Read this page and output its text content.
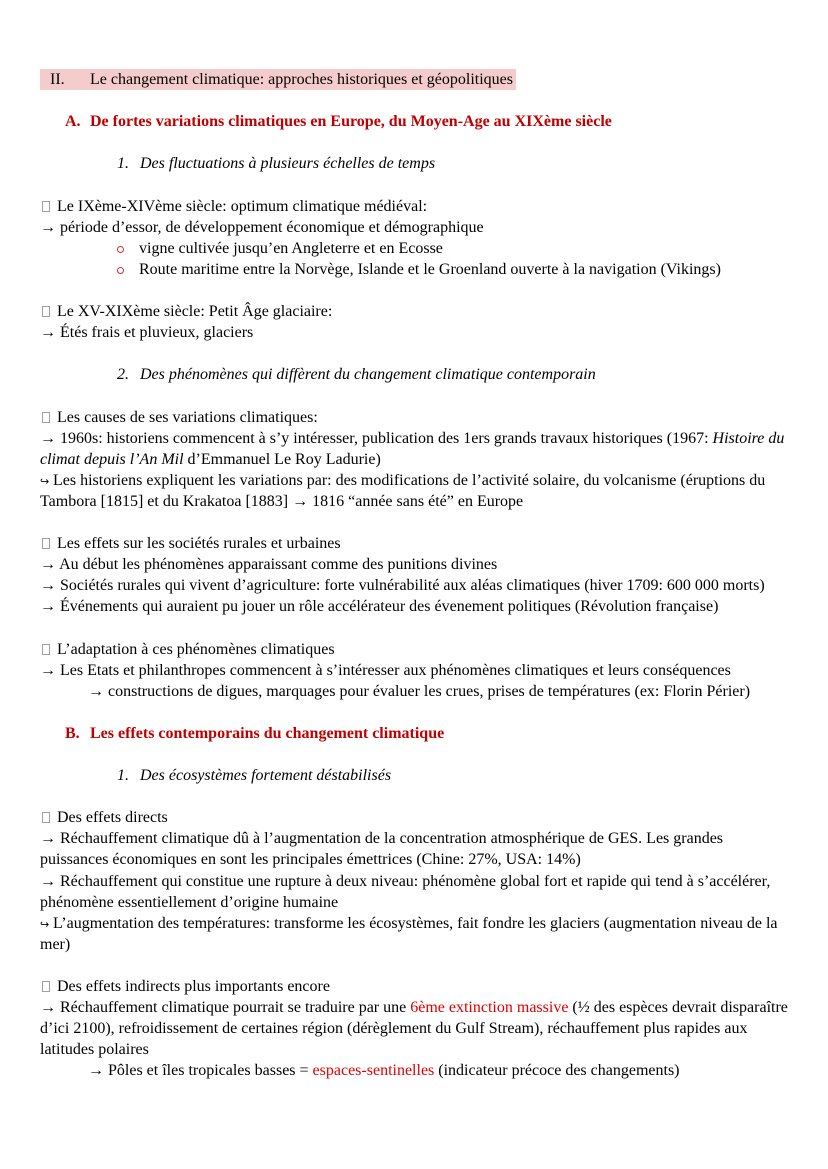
II. Le changement climatique: approches historiques et géopolitiques
A. De fortes variations climatiques en Europe, du Moyen-Age au XIXème siècle
1. Des fluctuations à plusieurs échelles de temps
Le IXème-XIVème siècle: optimum climatique médiéval:
→ période d’essor, de développement économique et démographique
vigne cultivée jusqu’en Angleterre et en Ecosse
Route maritime entre la Norvège, Islande et le Groenland ouverte à la navigation (Vikings)
Le XV-XIXème siècle: Petit Âge glaciaire:
→ Étés frais et pluvieux, glaciers
2. Des phénomènes qui diffèrent du changement climatique contemporain
Les causes de ses variations climatiques:
→ 1960s: historiens commencent à s’y intéresser, publication des 1ers grands travaux historiques (1967: Histoire du
climat depuis l’An Mil d’Emmanuel Le Roy Ladurie)
↪ Les historiens expliquent les variations par: des modifications de l’activité solaire, du volcanisme (éruptions du
Tambora [1815] et du Krakatoa [1883] → 1816 “année sans été” en Europe
Les effets sur les sociétés rurales et urbaines
→ Au début les phénomènes apparaissant comme des punitions divines
→ Sociétés rurales qui vivent d’agriculture: forte vulnérabilité aux aléas climatiques (hiver 1709: 600 000 morts)
→ Événements qui auraient pu jouer un rôle accélérateur des évenement politiques (Révolution française)
L’adaptation à ces phénomènes climatiques
→ Les Etats et philanthropes commencent à s’intéresser aux phénomènes climatiques et leurs conséquences
→ constructions de digues, marquages pour évaluer les crues, prises de températures (ex: Florin Périer)
B. Les effets contemporains du changement climatique
1. Des écosystèmes fortement déstabilisés
Des effets directs
→ Réchauffement climatique dû à l’augmentation de la concentration atmosphérique de GES. Les grandes
puissances économiques en sont les principales émettrices (Chine: 27%, USA: 14%)
→ Réchauffement qui constitue une rupture à deux niveau: phénomène global fort et rapide qui tend à s’accélérer,
phénomène essentiellement d’origine humaine
↪ L’augmentation des températures: transforme les écosystèmes, fait fondre les glaciers (augmentation niveau de la
mer)
Des effets indirects plus importants encore
→ Réchauffement climatique pourrait se traduire par une 6ème extinction massive (½ des espèces devrait disparaître
d’ici 2100), refroidissement de certaines région (dérèglement du Gulf Stream), réchauffement plus rapides aux
latitudes polaires
→ Pôles et îles tropicales basses = espaces-sentinelles (indicateur précoce des changements)
